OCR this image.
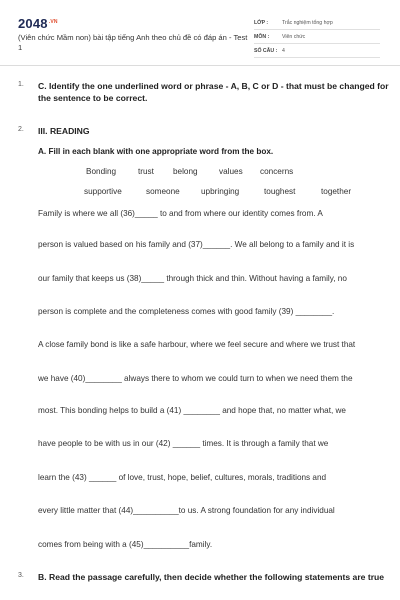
$2048^{.VN}$
(Viên chức Mầm non) bài tập tiếng Anh theo chủ đề có đáp án - Test 1
LỚP :	Trắc nghiệm tổng hợp
MÔN : Viên chức
SỐ CÂU : 4
1. C. Identify the one underlined word or phrase - A, B, C or D - that must be changed for the sentence to be correct.
2. III. READING
A. Fill in each blank with one appropriate word from the box.
Bonding	trust belong	values concerns
supportive	someone	upbringing	toughest	together
Family is where we all (36)_____ to and from where our identity comes from. A
person is valued based on his family and (37)______. We all belong to a family and it is
our family that keeps us (38)_____ through thick and thin. Without having a family, no
person is complete and the completeness comes with good family (39) ________.
A close family bond is like a safe harbour, where we feel secure and where we trust that
we have (40)________ always there to whom we could turn to when we need them the
most. This bonding helps to build a (41) ________ and hope that, no matter what, we
have people to be with us in our (42) ______ times. It is through a family that we
learn the (43) ______ of love, trust, hope, belief, cultures, morals, traditions and
every little matter that (44)__________to us. A strong foundation for any individual
comes from being with a (45)__________family.
3. B. Read the passage carefully, then decide whether the following statements are true
